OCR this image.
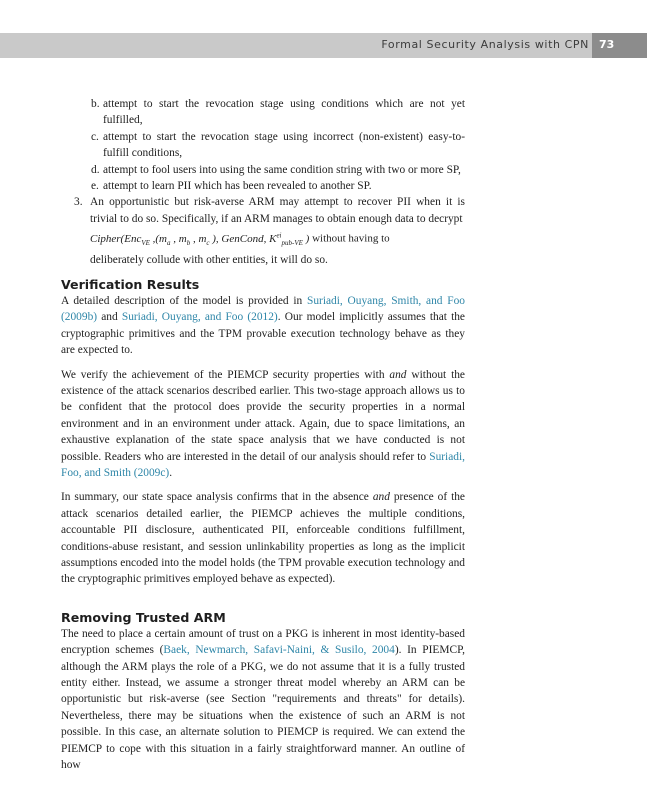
Formal Security Analysis with CPN 73
b. attempt to start the revocation stage using conditions which are not yet fulfilled,
c. attempt to start the revocation stage using incorrect (non-existent) easy-to-fulfill conditions,
d. attempt to fool users into using the same condition string with two or more SP,
e. attempt to learn PII which has been revealed to another SP.
3. An opportunistic but risk-averse ARM may attempt to recover PII when it is trivial to do so. Specifically, if an ARM manages to obtain enough data to decrypt
Cipher(Enc$_{VE}$ $,(m_a$ , $m_b$ , $m_c$ ), GenCond, $K^{ei}_{pub-VE}$ ) without having to
deliberately collude with other entities, it will do so.
Verification Results

A detailed description of the model is provided in Suriadi, Ouyang, Smith, and Foo (2009b) and Suriadi, Ouyang, and Foo (2012). Our model implicitly assumes that the cryptographic primitives and the TPM provable execution technology behave as they are expected to.

We verify the achievement of the PIEMCP security properties with and without the existence of the attack scenarios described earlier. This two-stage approach allows us to be confident that the protocol does provide the security properties in a normal environment and in an environment under attack. Again, due to space limitations, an exhaustive explanation of the state space analysis that we have conducted is not possible. Readers who are interested in the detail of our analysis should refer to Suriadi, Foo, and Smith (2009c).

In summary, our state space analysis confirms that in the absence and presence of the attack scenarios detailed earlier, the PIEMCP achieves the multiple conditions, accountable PII disclosure, authenticated PII, enforceable conditions fulfillment, conditions-abuse resistant, and session unlinkability properties as long as the implicit assumptions encoded into the model holds (the TPM provable execution technology and the cryptographic primitives employed behave as expected).

Removing Trusted ARM

The need to place a certain amount of trust on a PKG is inherent in most identity-based encryption schemes (Baek, Newmarch, Safavi-Naini, & Susilo, 2004). In PIEMCP, although the ARM plays the role of a PKG, we do not assume that it is a fully trusted entity either. Instead, we assume a stronger threat model whereby an ARM can be opportunistic but risk-averse (see Section "requirements and threats" for details). Nevertheless, there may be situations when the existence of such an ARM is not possible. In this case, an alternate solution to PIEMCP is required. We can extend the PIEMCP to cope with this situation in a fairly straightforward manner. An outline of how
